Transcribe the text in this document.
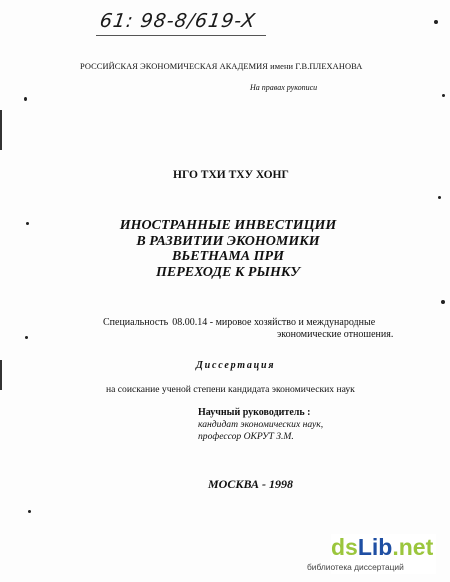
61: 98-8/619-X
РОССИЙСКАЯ ЭКОНОМИЧЕСКАЯ АКАДЕМИЯ имени Г.В.ПЛЕХАНОВА
На правах рукописи
НГО ТХИ ТХУ ХОНГ
ИНОСТРАННЫЕ ИНВЕСТИЦИИ
В РАЗВИТИИ ЭКОНОМИКИ
ВЬЕТНАМА ПРИ
ПЕРЕХОДЕ К РЫНКУ
Специальность 08.00.14 - мировое хозяйство и международные
экономические отношения.
Диссертация
на соискание ученой степени кандидата экономических наук
Научный руководитель :
кандидат экономических наук,
профессор ОКРУТ З.М.
МОСКВА - 1998
dsLib.net
библиотека диссертаций
